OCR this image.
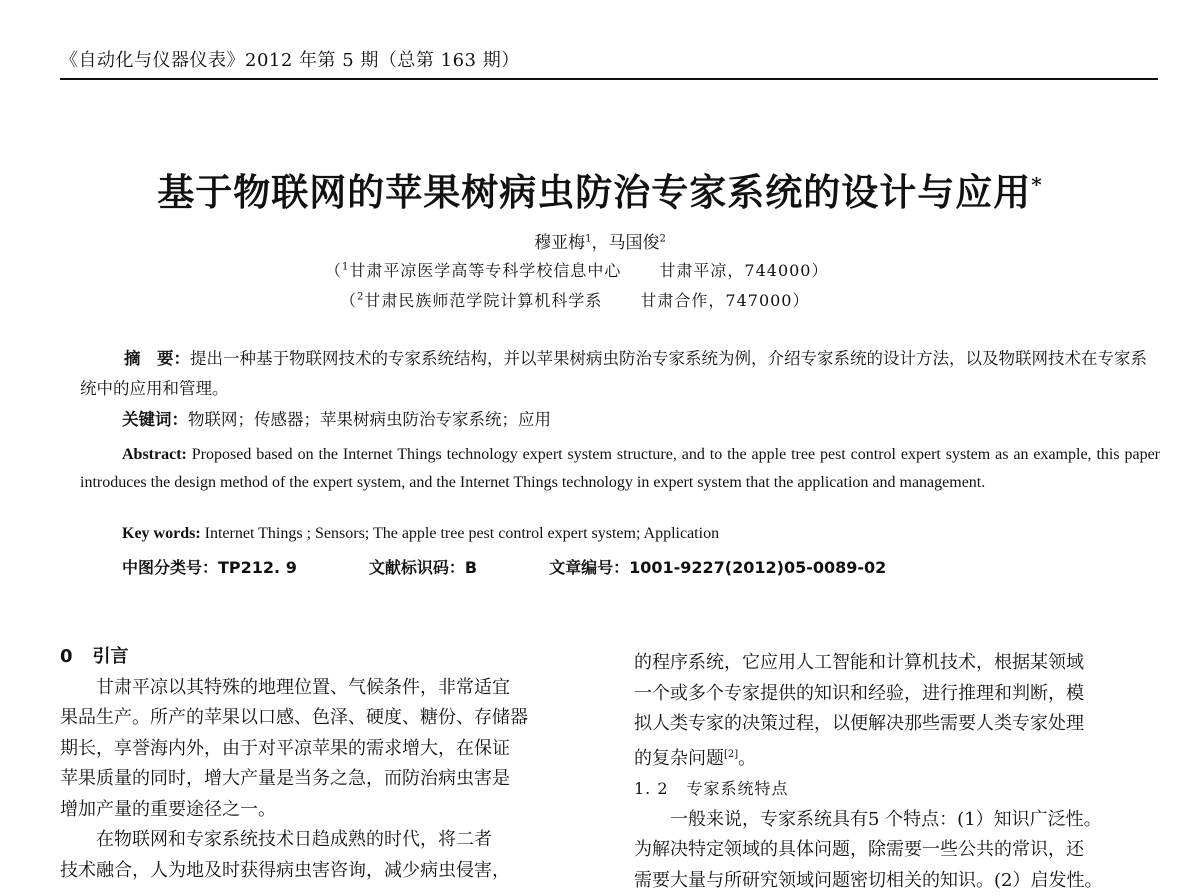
《自动化与仪器仪表》2012 年第 5 期（总第 163 期）
基于物联网的苹果树病虫防治专家系统的设计与应用*
穆亚梅$^1$，马国俊$^2$
（$^1$甘肃平凉医学高等专科学校信息中心 甘肃平凉，744000）
（$^2$甘肃民族师范学院计算机科学系 甘肃合作，747000）
摘　要：提出一种基于物联网技术的专家系统结构，并以苹果树病虫防治专家系统为例，介绍专家系统的设计方法，以及物联网技术在专家系统中的应用和管理。
关键词：物联网；传感器；苹果树病虫防治专家系统；应用
Abstract: Proposed based on the Internet Things technology expert system structure, and to the apple tree pest control expert system as an example, this paper introduces the design method of the expert system, and the Internet Things technology in expert system that the application and management.
Key words: Internet Things ; Sensors; The apple tree pest control expert system; Application
中图分类号：TP212. 9	文献标识码：B	文章编号：1001-9227(2012)05-0089-02
0 引言
甘肃平凉以其特殊的地理位置、气候条件，非常适宜
果品生产。所产的苹果以口感、色泽、硬度、糖份、存储器
期长，享誉海内外，由于对平凉苹果的需求增大，在保证
苹果质量的同时，增大产量是当务之急，而防治病虫害是
增加产量的重要途径之一。
在物联网和专家系统技术日趋成熟的时代，将二者
技术融合，人为地及时获得病虫害咨询，减少病虫侵害，
的程序系统，它应用人工智能和计算机技术，根据某领域
一个或多个专家提供的知识和经验，进行推理和判断，模
拟人类专家的决策过程，以便解决那些需要人类专家处理
的复杂问题[2]。
1. 2 专家系统特点
一般来说，专家系统具有5 个特点：(1）知识广泛性。
为解决特定领域的具体问题，除需要一些公共的常识，还
需要大量与所研究领域问题密切相关的知识。(2）启发性。
